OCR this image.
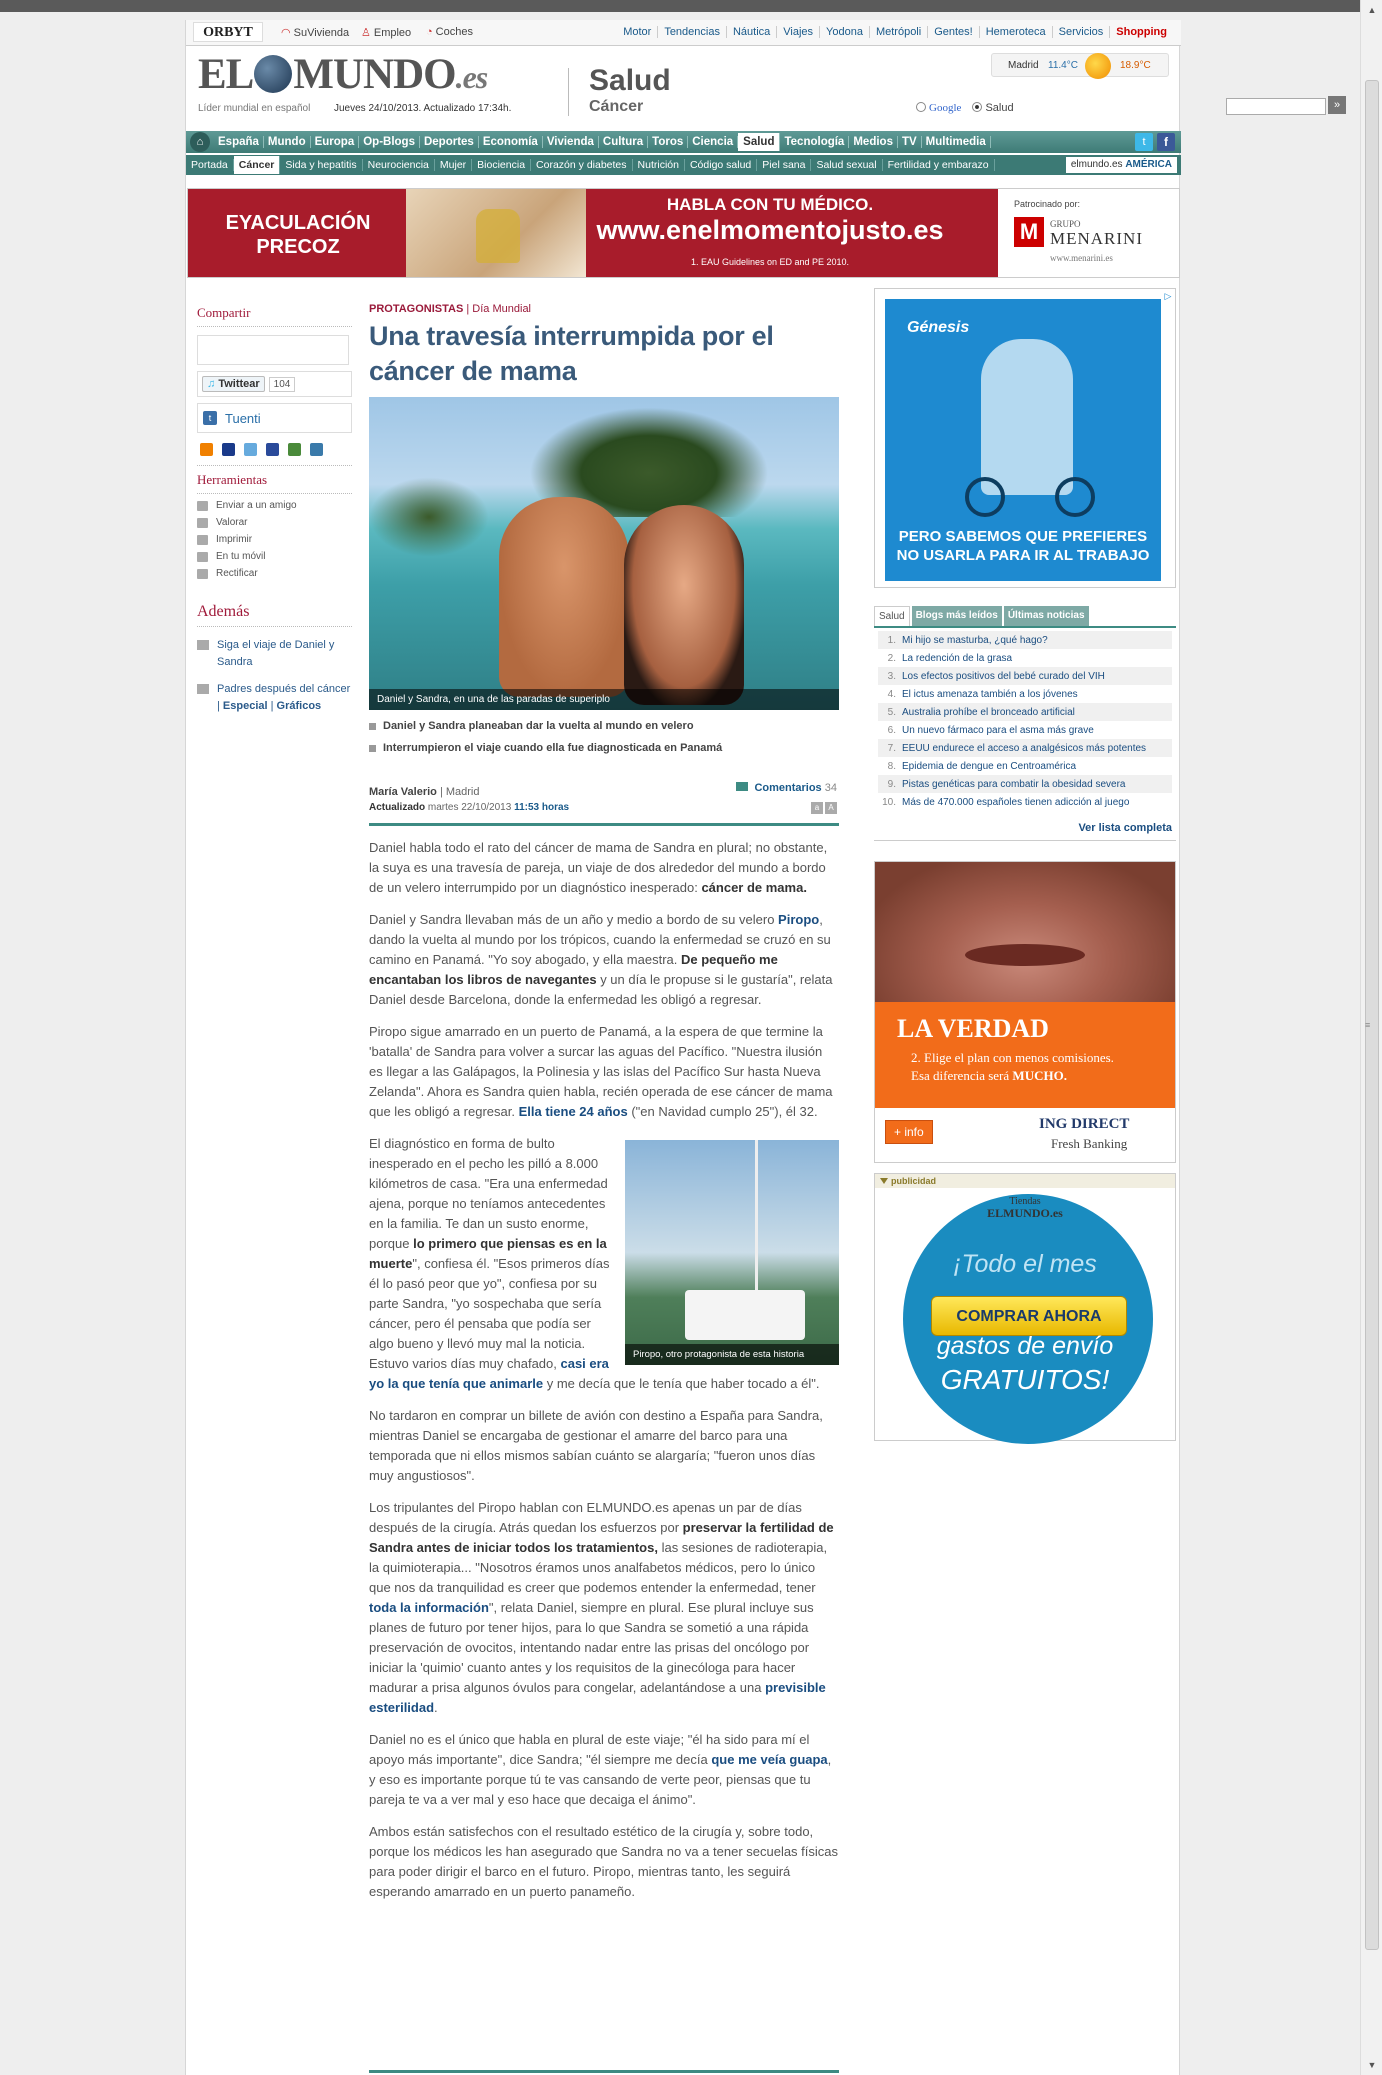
▲
≡
▼
ORBYT	◠ SuVivienda ♙ Empleo ◔ Coches	Motor	Tendencias	Náutica	Viajes	Yodona	Metrópoli	Gentes!	Hemeroteca	Servicios	Shopping
EL MUNDO.es
Líder mundial en español Jueves 24/10/2013. Actualizado 17:34h.
Salud
Cáncer
Madrid 11.4°C	18.9°C
Google Salud	»
⌂	España Mundo Europa Op-Blogs Deportes Economía Vivienda Cultura Toros Ciencia Salud Tecnología Medios TV Multimedia	t	f
Portada	Cáncer	Sida y hepatitis	Neurociencia	Mujer	Biociencia	Corazón y diabetes	Nutrición	Código salud	Piel sana	Salud sexual	Fertilidad y embarazo	elmundo.es AMÉRICA
EYACULACIÓN PRECOZ
HABLA CON TU MÉDICO.
www.enelmomentojusto.es
1. EAU Guidelines on ED and PE 2010.
Patrocinado por:
M	GRUPO
MENARINI
www.menarini.es
Compartir
♫ Twittear	104
t	Tuenti
Herramientas
Enviar a un amigo
Valorar
Imprimir
En tu móvil
Rectificar
Además
Siga el viaje de Daniel y Sandra
Padres después del cáncer | Especial | Gráficos
PROTAGONISTAS | Día Mundial
Una travesía interrumpida por el cáncer de mama
Daniel y Sandra, en una de las paradas de superiplo
Daniel y Sandra planeaban dar la vuelta al mundo en velero
Interrumpieron el viaje cuando ella fue diagnosticada en Panamá
María Valerio | Madrid
Actualizado martes 22/10/2013 11:53 horas
Comentarios 34
a	A

Daniel habla todo el rato del cáncer de mama de Sandra en plural; no obstante, la suya es una travesía de pareja, un viaje de dos alrededor del mundo a bordo de un velero interrumpido por un diagnóstico inesperado: cáncer de mama.

Daniel y Sandra llevaban más de un año y medio a bordo de su velero Piropo, dando la vuelta al mundo por los trópicos, cuando la enfermedad se cruzó en su camino en Panamá. "Yo soy abogado, y ella maestra. De pequeño me encantaban los libros de navegantes y un día le propuse si le gustaría", relata Daniel desde Barcelona, donde la enfermedad les obligó a regresar.

Piropo sigue amarrado en un puerto de Panamá, a la espera de que termine la 'batalla' de Sandra para volver a surcar las aguas del Pacífico. "Nuestra ilusión es llegar a las Galápagos, la Polinesia y las islas del Pacífico Sur hasta Nueva Zelanda". Ahora es Sandra quien habla, recién operada de ese cáncer de mama que les obligó a regresar. Ella tiene 24 años ("en Navidad cumplo 25"), él 32.

Piropo, otro protagonista de esta historia

El diagnóstico en forma de bulto inesperado en el pecho les pilló a 8.000 kilómetros de casa. "Era una enfermedad ajena, porque no teníamos antecedentes en la familia. Te dan un susto enorme, porque lo primero que piensas es en la muerte", confiesa él. "Esos primeros días él lo pasó peor que yo", confiesa por su parte Sandra, "yo sospechaba que sería cáncer, pero él pensaba que podía ser algo bueno y llevó muy mal la noticia. Estuvo varios días muy chafado, casi era yo la que tenía que animarle y me decía que le tenía que haber tocado a él".

No tardaron en comprar un billete de avión con destino a España para Sandra, mientras Daniel se encargaba de gestionar el amarre del barco para una temporada que ni ellos mismos sabían cuánto se alargaría; "fueron unos días muy angustiosos".

Los tripulantes del Piropo hablan con ELMUNDO.es apenas un par de días después de la cirugía. Atrás quedan los esfuerzos por preservar la fertilidad de Sandra antes de iniciar todos los tratamientos, las sesiones de radioterapia, la quimioterapia... "Nosotros éramos unos analfabetos médicos, pero lo único que nos da tranquilidad es creer que podemos entender la enfermedad, tener toda la información", relata Daniel, siempre en plural. Ese plural incluye sus planes de futuro por tener hijos, para lo que Sandra se sometió a una rápida preservación de ovocitos, intentando nadar entre las prisas del oncólogo por iniciar la 'quimio' cuanto antes y los requisitos de la ginecóloga para hacer madurar a prisa algunos óvulos para congelar, adelantándose a una previsible esterilidad.

Daniel no es el único que habla en plural de este viaje; "él ha sido para mí el apoyo más importante", dice Sandra; "él siempre me decía que me veía guapa, y eso es importante porque tú te vas cansando de verte peor, piensas que tu pareja te va a ver mal y eso hace que decaiga el ánimo".

Ambos están satisfechos con el resultado estético de la cirugía y, sobre todo, porque los médicos les han asegurado que Sandra no va a tener secuelas físicas para poder dirigir el barco en el futuro. Piropo, mientras tanto, les seguirá esperando amarrado en un puerto panameño.

Génesis
PERO SABEMOS QUE PREFIERES
NO USARLA PARA IR AL TRABAJO
▷
Salud	Blogs más leídos	Últimas noticias
1. Mi hijo se masturba, ¿qué hago?
2. La redención de la grasa
3. Los efectos positivos del bebé curado del VIH
4. El ictus amenaza también a los jóvenes
5. Australia prohíbe el bronceado artificial
6. Un nuevo fármaco para el asma más grave
7. EEUU endurece el acceso a analgésicos más potentes
8. Epidemia de dengue en Centroamérica
9. Pistas genéticas para combatir la obesidad severa
10. Más de 470.000 españoles tienen adicción al juego
Ver lista completa
LA VERDAD
2. Elige el plan con menos comisiones.
Esa diferencia será MUCHO.
+ info	ING DIRECT
Fresh Banking
publicidad
Tiendas
ELMUNDO.es
¡Todo el mes
COMPRAR AHORA
gastos de envío
GRATUITOS!
